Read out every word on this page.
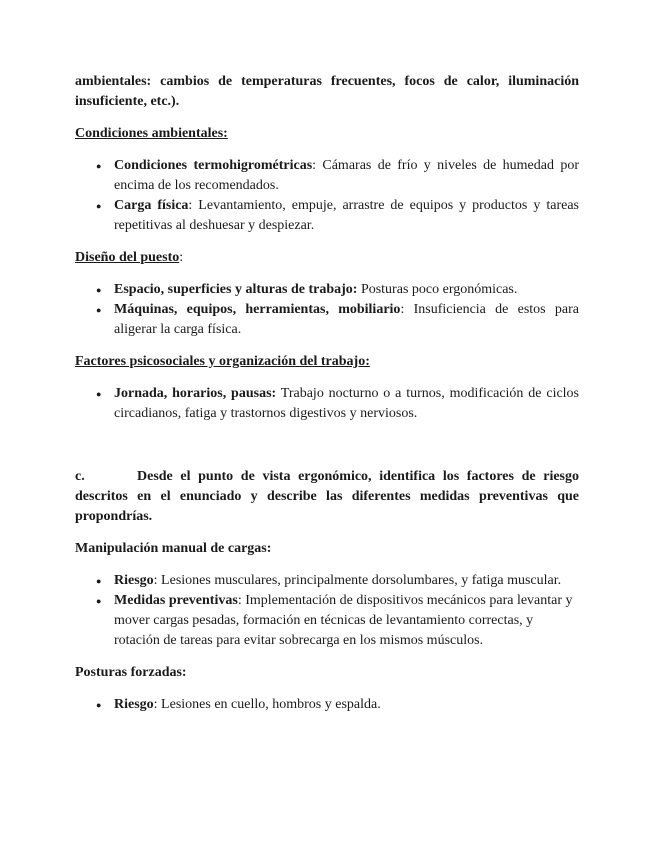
ambientales: cambios de temperaturas frecuentes, focos de calor, iluminación insuficiente, etc.).

Condiciones ambientales:

● Condiciones termohigrométricas: Cámaras de frío y niveles de humedad por encima de los recomendados.
● Carga física: Levantamiento, empuje, arrastre de equipos y productos y tareas repetitivas al deshuesar y despiezar.

Diseño del puesto:

● Espacio, superficies y alturas de trabajo: Posturas poco ergonómicas.
● Máquinas, equipos, herramientas, mobiliario: Insuficiencia de estos para aligerar la carga física.

Factores psicosociales y organización del trabajo:

● Jornada, horarios, pausas: Trabajo nocturno o a turnos, modificación de ciclos circadianos, fatiga y trastornos digestivos y nerviosos.
c.	Desde el punto de vista ergonómico, identifica los factores de riesgo descritos en el enunciado y describe las diferentes medidas preventivas que propondrías.

Manipulación manual de cargas:

● Riesgo: Lesiones musculares, principalmente dorsolumbares, y fatiga muscular.
● Medidas preventivas: Implementación de dispositivos mecánicos para levantar y mover cargas pesadas, formación en técnicas de levantamiento correctas, y rotación de tareas para evitar sobrecarga en los mismos músculos.

Posturas forzadas:

● Riesgo: Lesiones en cuello, hombros y espalda.
